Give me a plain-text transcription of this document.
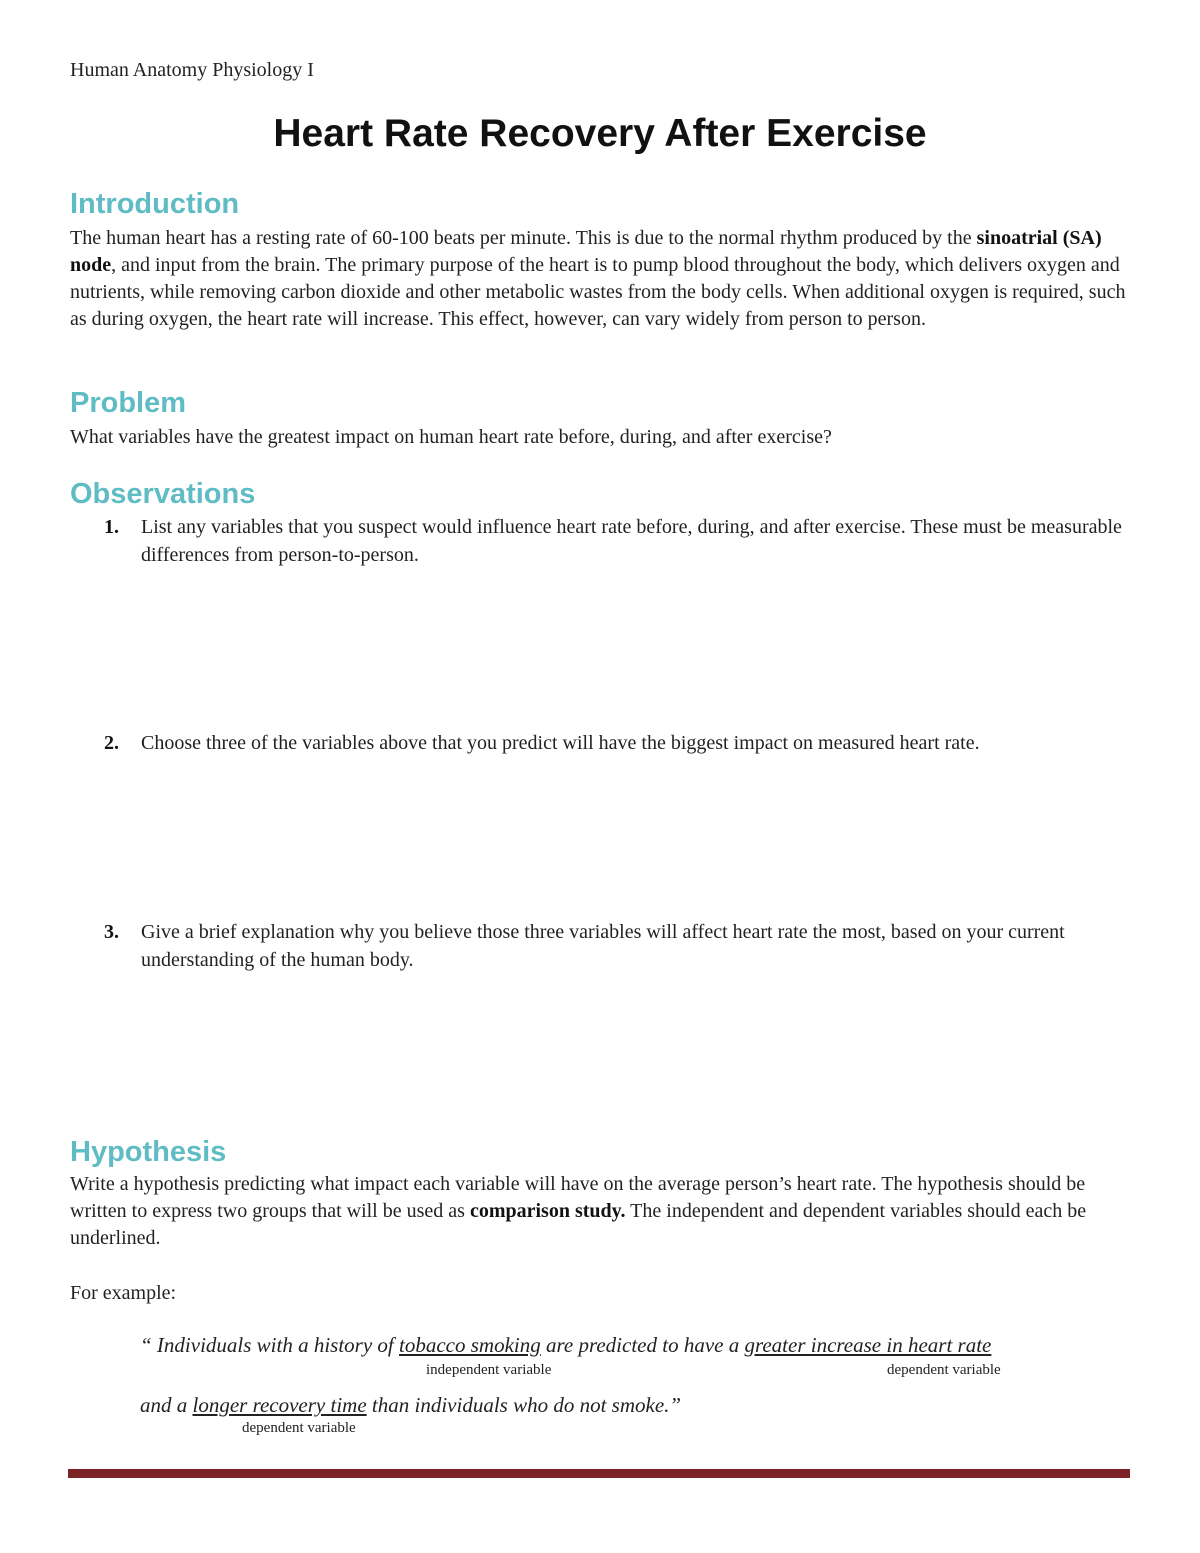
Human Anatomy Physiology I
Heart Rate Recovery After Exercise
Introduction

The human heart has a resting rate of 60-100 beats per minute. This is due to the normal rhythm produced by the sinoatrial (SA) node, and input from the brain. The primary purpose of the heart is to pump blood throughout the body, which delivers oxygen and nutrients, while removing carbon dioxide and other metabolic wastes from the body cells. When additional oxygen is required, such as during oxygen, the heart rate will increase. This effect, however, can vary widely from person to person.

Problem

What variables have the greatest impact on human heart rate before, during, and after exercise?

Observations
1. List any variables that you suspect would influence heart rate before, during, and after exercise. These must be measurable differences from person-to-person.
2. Choose three of the variables above that you predict will have the biggest impact on measured heart rate.
3. Give a brief explanation why you believe those three variables will affect heart rate the most, based on your current understanding of the human body.
Hypothesis

Write a hypothesis predicting what impact each variable will have on the average person’s heart rate. The hypothesis should be written to express two groups that will be used as comparison study. The independent and dependent variables should each be underlined.

For example:

“ Individuals with a history of tobacco smoking are predicted to have a greater increase in heart rate
independent variable	dependent variable
and a longer recovery time than individuals who do not smoke.”
dependent variable
